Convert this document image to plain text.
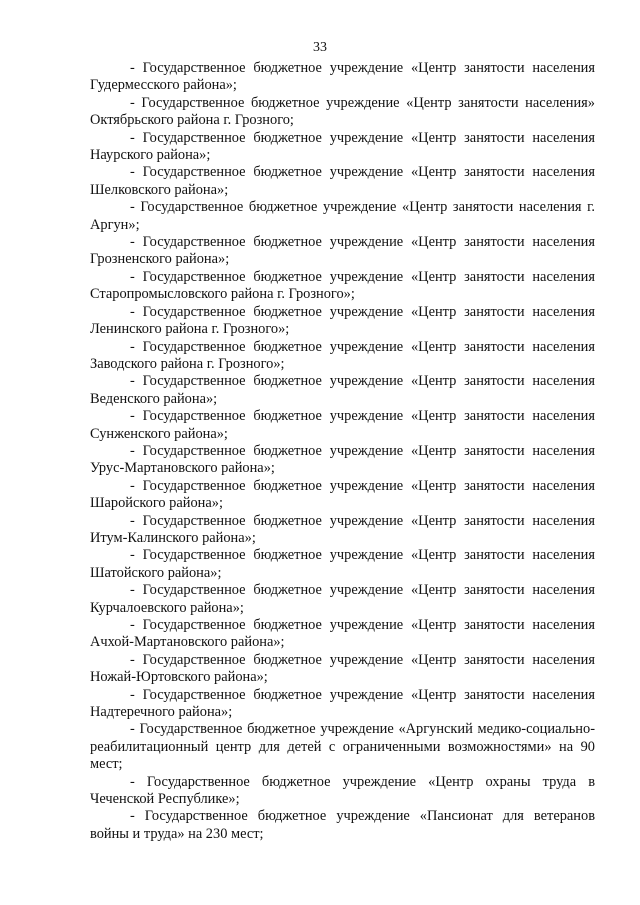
33

- Государственное бюджетное учреждение «Центр занятости населения Гудермесского района»;

- Государственное бюджетное учреждение «Центр занятости населения» Октябрьского района г. Грозного;

- Государственное бюджетное учреждение «Центр занятости населения Наурского района»;

- Государственное бюджетное учреждение «Центр занятости населения Шелковского района»;

- Государственное бюджетное учреждение «Центр занятости населения г. Аргун»;

- Государственное бюджетное учреждение «Центр занятости населения Грозненского района»;

- Государственное бюджетное учреждение «Центр занятости населения Старопромысловского района г. Грозного»;

- Государственное бюджетное учреждение «Центр занятости населения Ленинского района г. Грозного»;

- Государственное бюджетное учреждение «Центр занятости населения Заводского района г. Грозного»;

- Государственное бюджетное учреждение «Центр занятости населения Веденского района»;

- Государственное бюджетное учреждение «Центр занятости населения Сунженского района»;

- Государственное бюджетное учреждение «Центр занятости населения Урус-Мартановского района»;

- Государственное бюджетное учреждение «Центр занятости населения Шаройского района»;

- Государственное бюджетное учреждение «Центр занятости населения Итум-Калинского района»;

- Государственное бюджетное учреждение «Центр занятости населения Шатойского района»;

- Государственное бюджетное учреждение «Центр занятости населения Курчалоевского района»;

- Государственное бюджетное учреждение «Центр занятости населения Ачхой-Мартановского района»;

- Государственное бюджетное учреждение «Центр занятости населения Ножай-Юртовского района»;

- Государственное бюджетное учреждение «Центр занятости населения Надтеречного района»;

- Государственное бюджетное учреждение «Аргунский медико-социально-реабилитационный центр для детей с ограниченными возможностями» на 90 мест;

- Государственное бюджетное учреждение «Центр охраны труда в Чеченской Республике»;

- Государственное бюджетное учреждение «Пансионат для ветеранов войны и труда» на 230 мест;
